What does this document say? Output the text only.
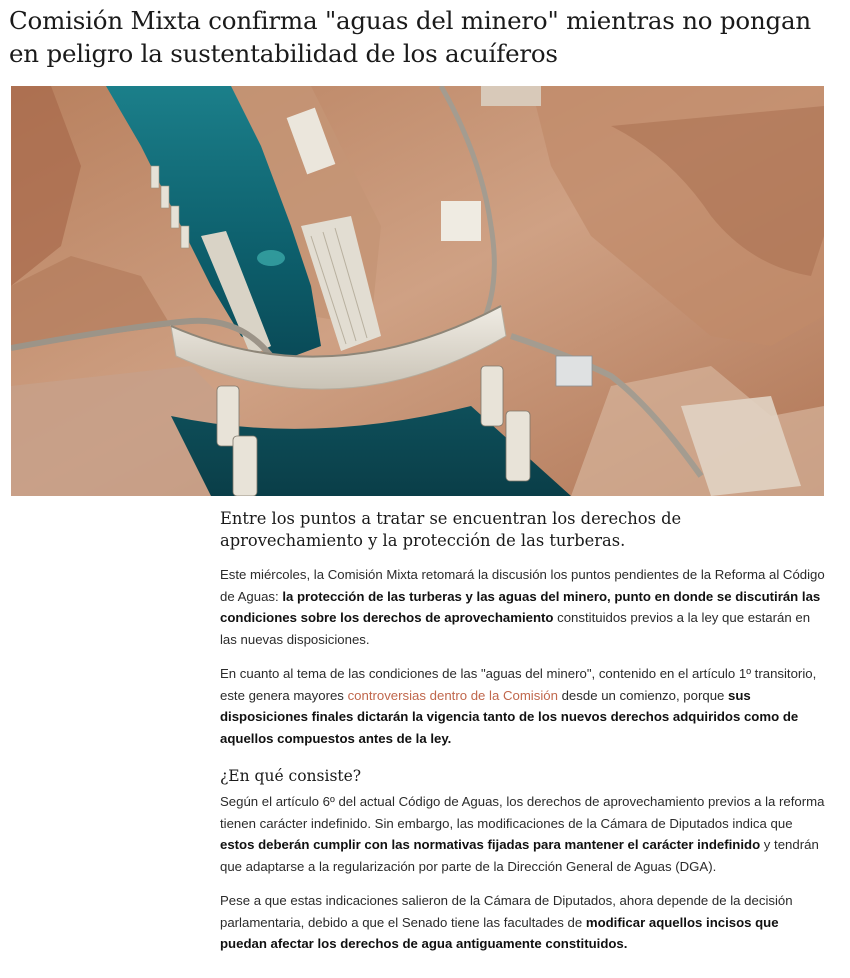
Comisión Mixta confirma "aguas del minero" mientras no pongan en peligro la sustentabilidad de los acuíferos

Entre los puntos a tratar se encuentran los derechos de aprovechamiento y la protección de las turberas.

Este miércoles, la Comisión Mixta retomará la discusión los puntos pendientes de la Reforma al Código de Aguas: la protección de las turberas y las aguas del minero, punto en donde se discutirán las condiciones sobre los derechos de aprovechamiento constituidos previos a la ley que estarán en las nuevas disposiciones.

En cuanto al tema de las condiciones de las "aguas del minero", contenido en el artículo 1º transitorio, este genera mayores controversias dentro de la Comisión desde un comienzo, porque sus disposiciones finales dictarán la vigencia tanto de los nuevos derechos adquiridos como de aquellos compuestos antes de la ley.

¿En qué consiste?

Según el artículo 6º del actual Código de Aguas, los derechos de aprovechamiento previos a la reforma tienen carácter indefinido. Sin embargo, las modificaciones de la Cámara de Diputados indica que estos deberán cumplir con las normativas fijadas para mantener el carácter indefinido y tendrán que adaptarse a la regularización por parte de la Dirección General de Aguas (DGA).

Pese a que estas indicaciones salieron de la Cámara de Diputados, ahora depende de la decisión parlamentaria, debido a que el Senado tiene las facultades de modificar aquellos incisos que puedan afectar los derechos de agua antiguamente constituidos.
